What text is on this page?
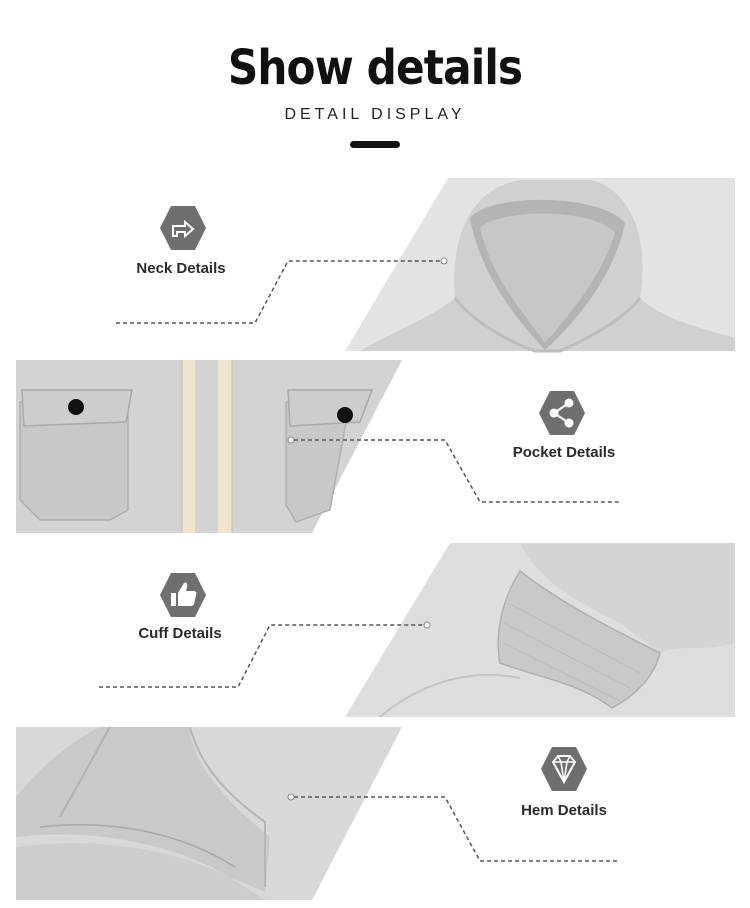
Show details
DETAIL DISPLAY
Neck Details
Pocket Details
Cuff Details
Hem Details
